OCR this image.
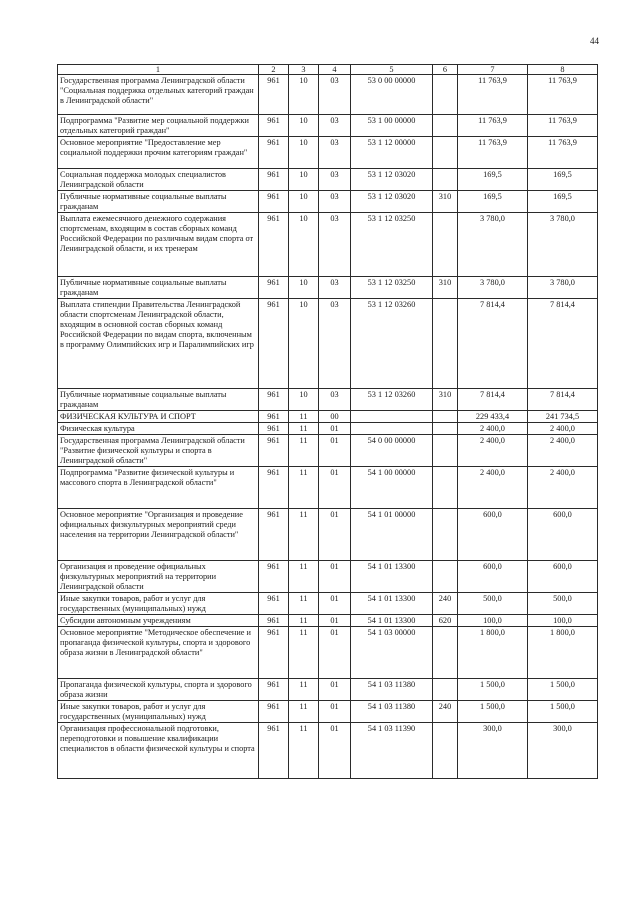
44
1	2	3	4	5	6	7	8
Государственная программа Ленинградской области "Социальная поддержка отдельных категорий граждан в Ленинградской области"	961	10	03	53 0 00 00000		11 763,9	11 763,9
Подпрограмма "Развитие мер социальной поддержки отдельных категорий граждан"	961	10	03	53 1 00 00000		11 763,9	11 763,9
Основное мероприятие "Предоставление мер социальной поддержки прочим категориям граждан"	961	10	03	53 1 12 00000		11 763,9	11 763,9
Социальная поддержка молодых специалистов Ленинградской области	961	10	03	53 1 12 03020		169,5	169,5
Публичные нормативные социальные выплаты гражданам	961	10	03	53 1 12 03020	310	169,5	169,5
Выплата ежемесячного денежного содержания спортсменам, входящим в состав сборных команд Российской Федерации по различным видам спорта от Ленинградской области, и их тренерам	961	10	03	53 1 12 03250		3 780,0	3 780,0
Публичные нормативные социальные выплаты гражданам	961	10	03	53 1 12 03250	310	3 780,0	3 780,0
Выплата стипендии Правительства Ленинградской области спортсменам Ленинградской области, входящим в основной состав сборных команд Российской Федерации по видам спорта, включенным в программу Олимпийских игр и Паралимпийских игр	961	10	03	53 1 12 03260		7 814,4	7 814,4
Публичные нормативные социальные выплаты гражданам	961	10	03	53 1 12 03260	310	7 814,4	7 814,4
ФИЗИЧЕСКАЯ КУЛЬТУРА И СПОРТ	961	11	00			229 433,4	241 734,5
Физическая культура	961	11	01			2 400,0	2 400,0
Государственная программа Ленинградской области "Развитие физической культуры и спорта в Ленинградской области"	961	11	01	54 0 00 00000		2 400,0	2 400,0
Подпрограмма "Развитие физической культуры и массового спорта в Ленинградской области"	961	11	01	54 1 00 00000		2 400,0	2 400,0
Основное мероприятие "Организация и проведение официальных физкультурных мероприятий среди населения на территории Ленинградской области"	961	11	01	54 1 01 00000		600,0	600,0
Организация и проведение официальных физкультурных мероприятий на территории Ленинградской области	961	11	01	54 1 01 13300		600,0	600,0
Иные закупки товаров, работ и услуг для государственных (муниципальных) нужд	961	11	01	54 1 01 13300	240	500,0	500,0
Субсидии автономным учреждениям	961	11	01	54 1 01 13300	620	100,0	100,0
Основное мероприятие "Методическое обеспечение и пропаганда физической культуры, спорта и здорового образа жизни в Ленинградской области"	961	11	01	54 1 03 00000		1 800,0	1 800,0
Пропаганда физической культуры, спорта и здорового образа жизни	961	11	01	54 1 03 11380		1 500,0	1 500,0
Иные закупки товаров, работ и услуг для государственных (муниципальных) нужд	961	11	01	54 1 03 11380	240	1 500,0	1 500,0
Организация профессиональной подготовки, переподготовки и повышение квалификации специалистов в области физической культуры и спорта	961	11	01	54 1 03 11390		300,0	300,0
